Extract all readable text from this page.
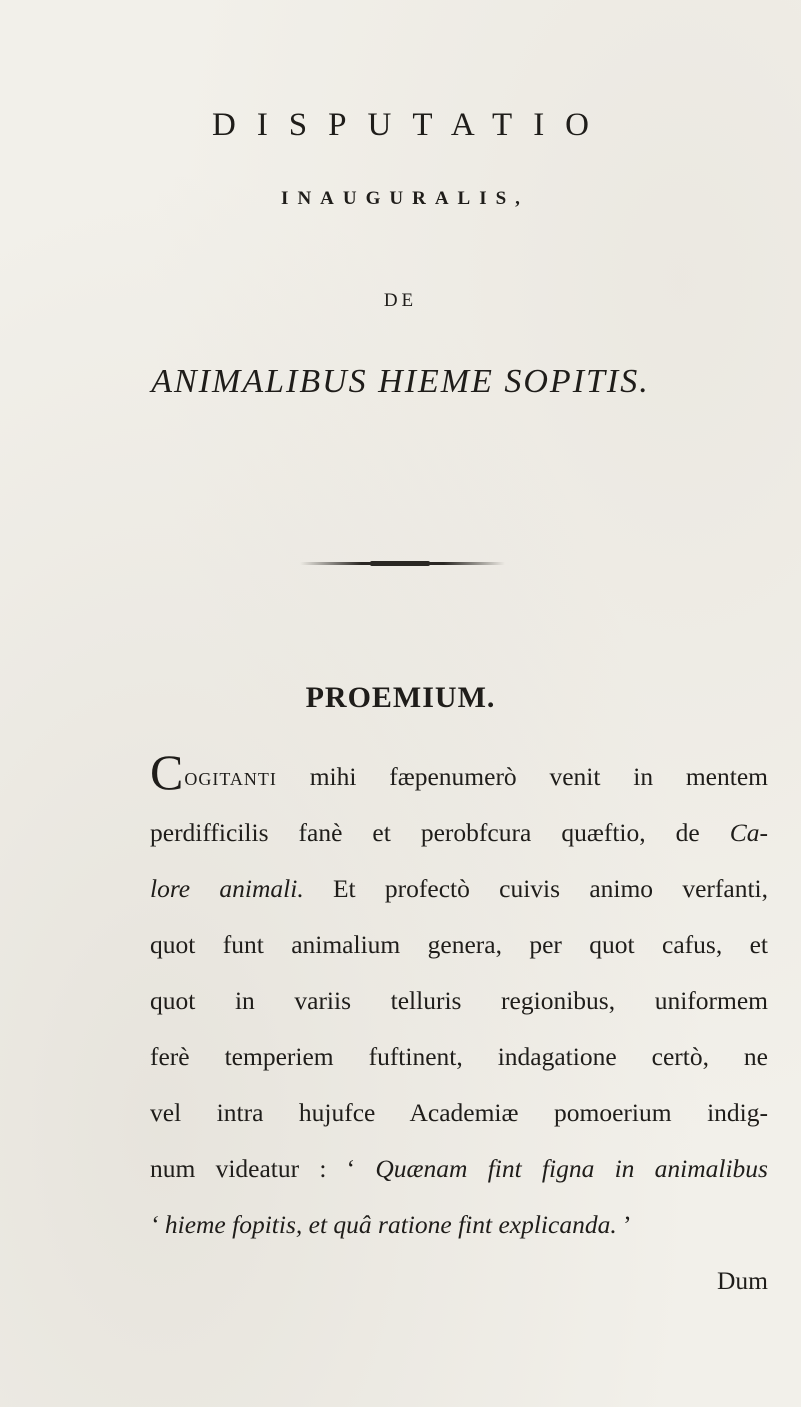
DISPUTATIO
INAUGURALIS,
DE
ANIMALIBUS HIEME SOPITIS.
PROEMIUM.
Cogitanti mihi fæpenumerò venit in mentem
perdifficilis fanè et perobfcura quæftio, de Ca-
lore animali. Et profectò cuivis animo verfanti,
quot funt animalium genera, per quot cafus, et
quot in variis telluris regionibus, uniformem
ferè temperiem fuftinent, indagatione certò, ne
vel intra hujufce Academiæ pomoerium indig-
num videatur : ‘ Quænam fint figna in animalibus
‘ hieme fopitis, et quâ ratione fint explicanda. ’
Dum
